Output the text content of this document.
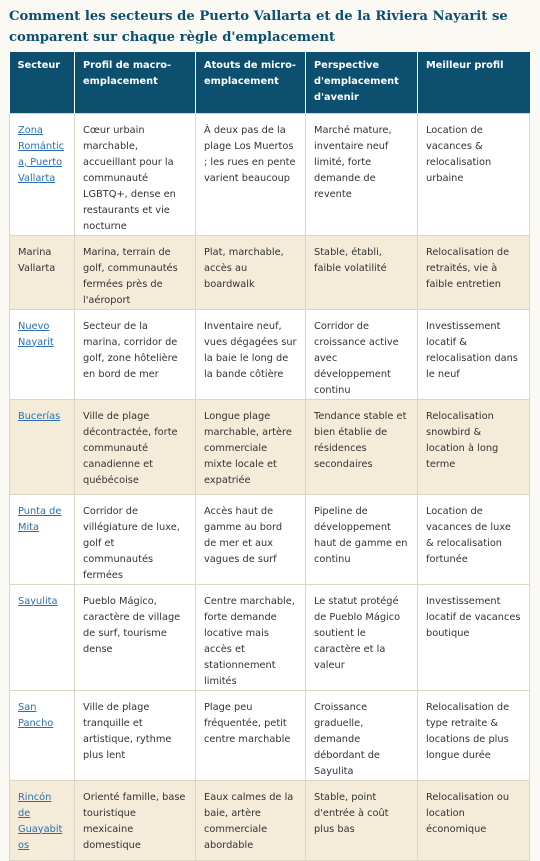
Comment les secteurs de Puerto Vallarta et de la Riviera Nayarit se comparent sur chaque règle d'emplacement
Secteur	Profil de macro-emplacement	Atouts de micro-emplacement	Perspective d'emplacement d'avenir	Meilleur profil
Zona Romántica, Puerto Vallarta	Cœur urbain marchable, accueillant pour la communauté LGBTQ+, dense en restaurants et vie nocturne	À deux pas de la plage Los Muertos ; les rues en pente varient beaucoup	Marché mature, inventaire neuf limité, forte demande de revente	Location de vacances & relocalisation urbaine
Marina Vallarta	Marina, terrain de golf, communautés fermées près de l'aéroport	Plat, marchable, accès au boardwalk	Stable, établi, faible volatilité	Relocalisation de retraités, vie à faible entretien
Nuevo Nayarit	Secteur de la marina, corridor de golf, zone hôtelière en bord de mer	Inventaire neuf, vues dégagées sur la baie le long de la bande côtière	Corridor de croissance active avec développement continu	Investissement locatif & relocalisation dans le neuf
Bucerías	Ville de plage décontractée, forte communauté canadienne et québécoise	Longue plage marchable, artère commerciale mixte locale et expatriée	Tendance stable et bien établie de résidences secondaires	Relocalisation snowbird & location à long terme
Punta de Mita	Corridor de villégiature de luxe, golf et communautés fermées	Accès haut de gamme au bord de mer et aux vagues de surf	Pipeline de développement haut de gamme en continu	Location de vacances de luxe & relocalisation fortunée
Sayulita	Pueblo Mágico, caractère de village de surf, tourisme dense	Centre marchable, forte demande locative mais accès et stationnement limités	Le statut protégé de Pueblo Mágico soutient le caractère et la valeur	Investissement locatif de vacances boutique
San Pancho	Ville de plage tranquille et artistique, rythme plus lent	Plage peu fréquentée, petit centre marchable	Croissance graduelle, demande débordant de Sayulita	Relocalisation de type retraite & locations de plus longue durée
Rincón de Guayabitos	Orienté famille, base touristique mexicaine domestique	Eaux calmes de la baie, artère commerciale abordable	Stable, point d'entrée à coût plus bas	Relocalisation ou location économique
